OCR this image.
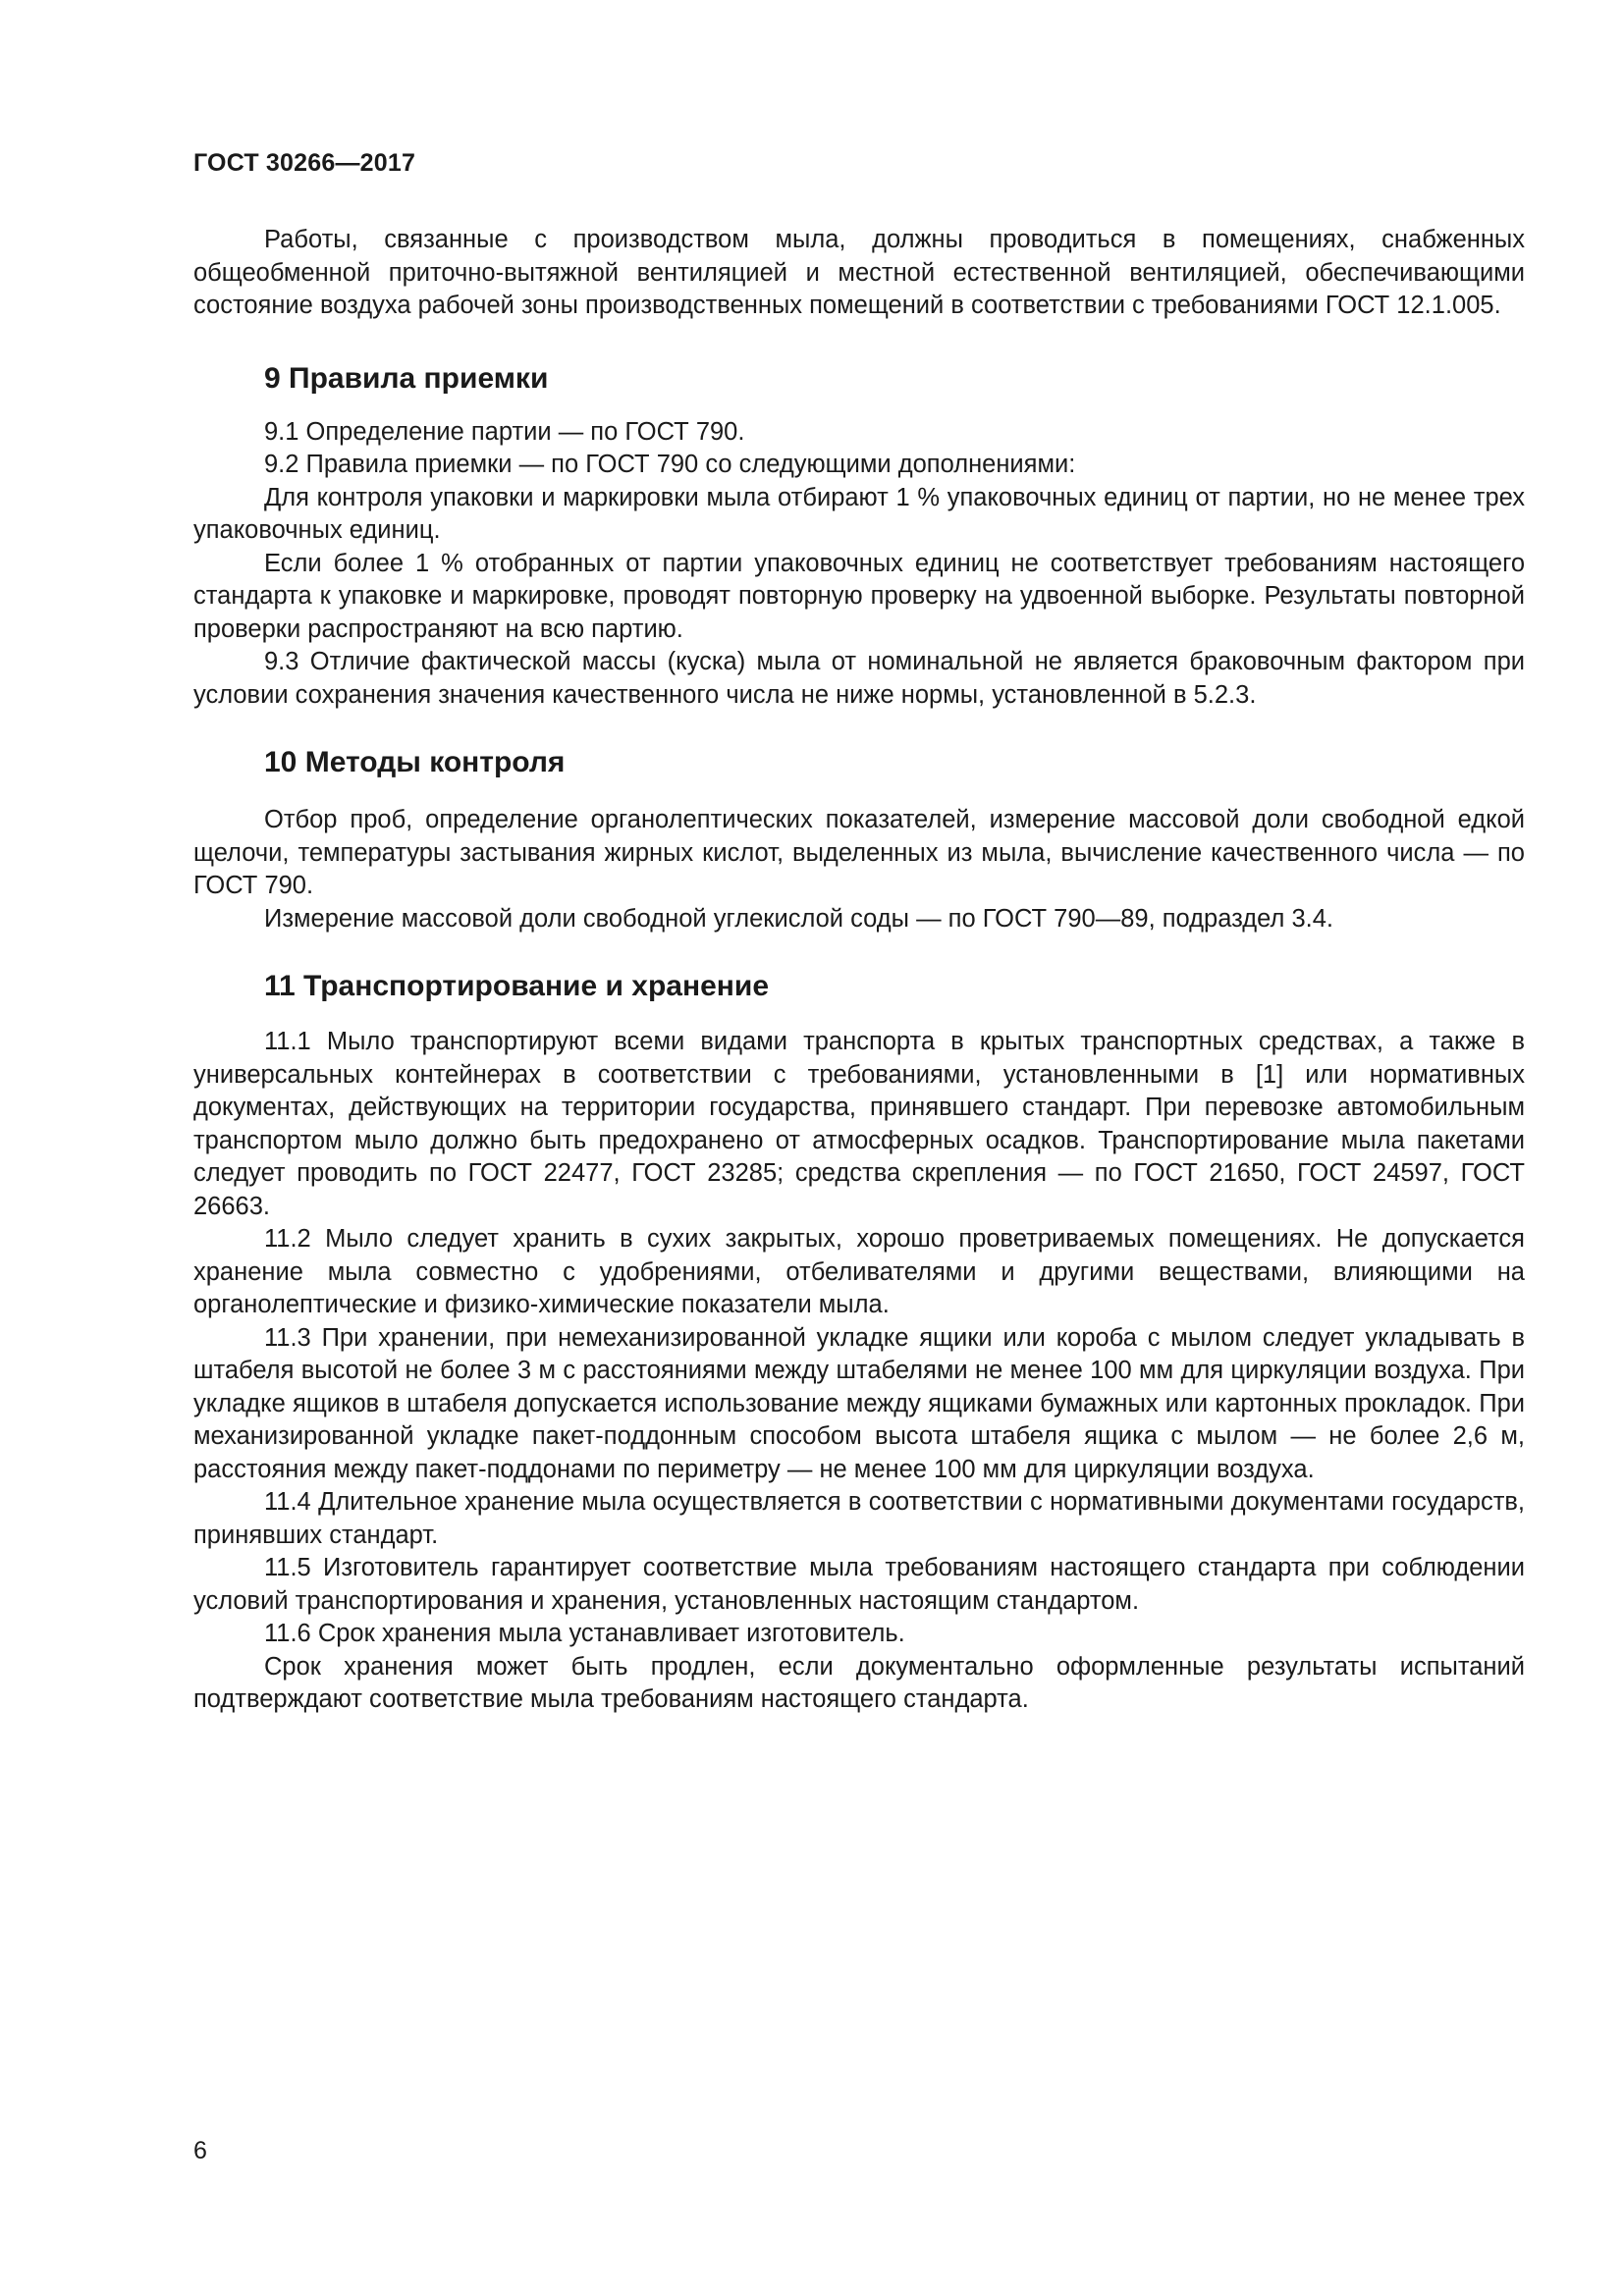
ГОСТ 30266—2017

Работы, связанные с производством мыла, должны проводиться в помещениях, снабженных общеобменной приточно-вытяжной вентиляцией и местной естественной вентиляцией, обеспечивающими состояние воздуха рабочей зоны производственных помещений в соответствии с требованиями ГОСТ 12.1.005.

9 Правила приемки

9.1 Определение партии — по ГОСТ 790.

9.2 Правила приемки — по ГОСТ 790 со следующими дополнениями:

Для контроля упаковки и маркировки мыла отбирают 1 % упаковочных единиц от партии, но не менее трех упаковочных единиц.

Если более 1 % отобранных от партии упаковочных единиц не соответствует требованиям настоящего стандарта к упаковке и маркировке, проводят повторную проверку на удвоенной выборке. Результаты повторной проверки распространяют на всю партию.

9.3 Отличие фактической массы (куска) мыла от номинальной не является браковочным фактором при условии сохранения значения качественного числа не ниже нормы, установленной в 5.2.3.

10 Методы контроля

Отбор проб, определение органолептических показателей, измерение массовой доли свободной едкой щелочи, температуры застывания жирных кислот, выделенных из мыла, вычисление качественного числа — по ГОСТ 790.

Измерение массовой доли свободной углекислой соды — по ГОСТ 790—89, подраздел 3.4.

11 Транспортирование и хранение

11.1 Мыло транспортируют всеми видами транспорта в крытых транспортных средствах, а также в универсальных контейнерах в соответствии с требованиями, установленными в [1] или нормативных документах, действующих на территории государства, принявшего стандарт. При перевозке автомобильным транспортом мыло должно быть предохранено от атмосферных осадков. Транспортирование мыла пакетами следует проводить по ГОСТ 22477, ГОСТ 23285; средства скрепления — по ГОСТ 21650, ГОСТ 24597, ГОСТ 26663.

11.2 Мыло следует хранить в сухих закрытых, хорошо проветриваемых помещениях. Не допускается хранение мыла совместно с удобрениями, отбеливателями и другими веществами, влияющими на органолептические и физико-химические показатели мыла.

11.3 При хранении, при немеханизированной укладке ящики или короба с мылом следует укладывать в штабеля высотой не более 3 м с расстояниями между штабелями не менее 100 мм для циркуляции воздуха. При укладке ящиков в штабеля допускается использование между ящиками бумажных или картонных прокладок. При механизированной укладке пакет-поддонным способом высота штабеля ящика с мылом — не более 2,6 м, расстояния между пакет-поддонами по периметру — не менее 100 мм для циркуляции воздуха.

11.4 Длительное хранение мыла осуществляется в соответствии с нормативными документами государств, принявших стандарт.

11.5 Изготовитель гарантирует соответствие мыла требованиям настоящего стандарта при соблюдении условий транспортирования и хранения, установленных настоящим стандартом.

11.6 Срок хранения мыла устанавливает изготовитель.

Срок хранения может быть продлен, если документально оформленные результаты испытаний подтверждают соответствие мыла требованиям настоящего стандарта.

6
